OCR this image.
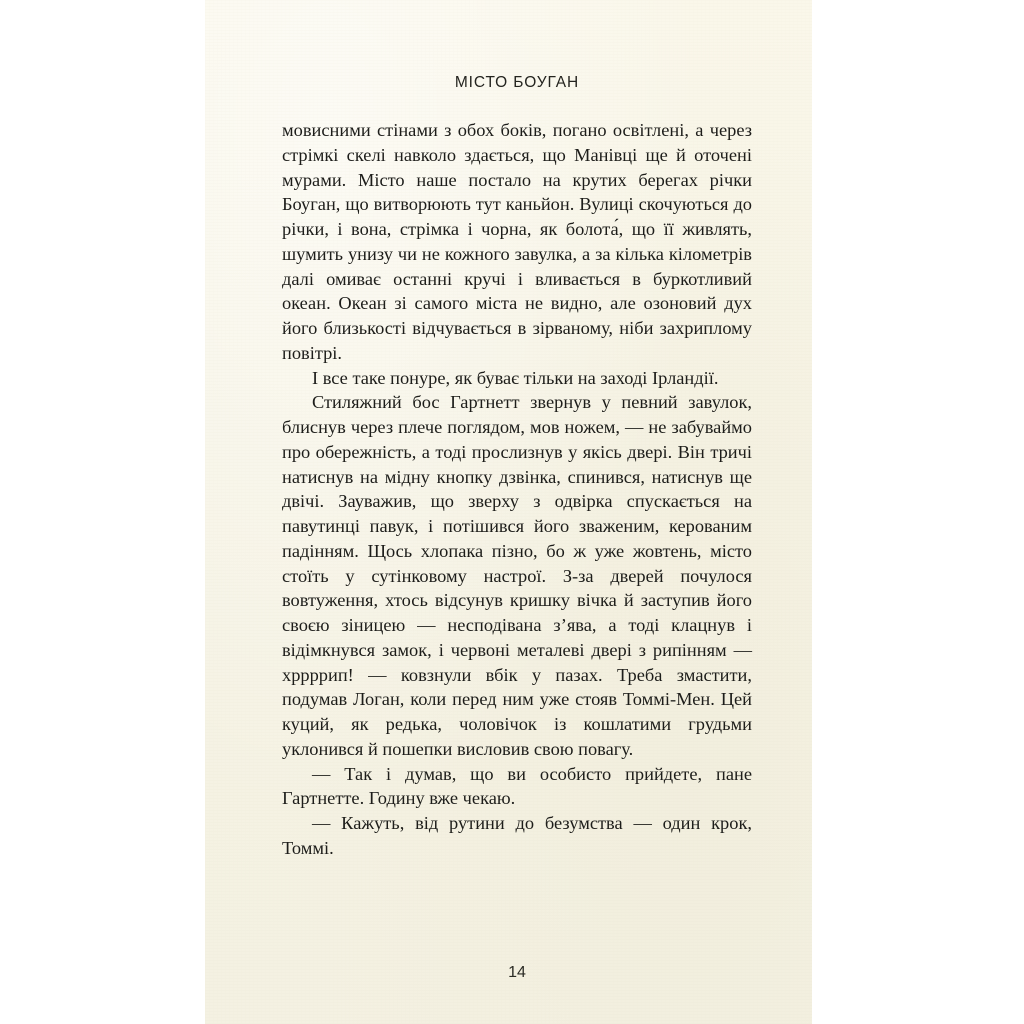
МІСТО БОУГАН

мовисними стінами з обох боків, погано освітлені, а через стрімкі скелі навколо здається, що Манівці ще й оточені мурами. Місто наше постало на крутих берегах річки Боуган, що витворюють тут каньйон. Вулиці скочуються до річки, і вона, стрімка і чорна, як болота́, що її живлять, шумить унизу чи не кожного завулка, а за кілька кілометрів далі омиває останні кручі і вливається в буркотливий океан. Океан зі самого міста не видно, але озоновий дух його близькості відчувається в зірваному, ніби захриплому повітрі.

І все таке понуре, як буває тільки на заході Ірландії.

Стиляжний бос Гартнетт звернув у певний завулок, блиснув через плече поглядом, мов ножем, — не забуваймо про обережність, а тоді прослизнув у якісь двері. Він тричі натиснув на мідну кнопку дзвінка, спинився, натиснув ще двічі. Зауважив, що зверху з одвірка спускається на павутинці павук, і потішився його зваженим, керованим падінням. Щось хлопака пізно, бо ж уже жовтень, місто стоїть у сутінковому настрої. З-за дверей почулося вовтуження, хтось відсунув кришку вічка й заступив його своєю зіницею — несподівана з’ява, а тоді клацнув і відімкнувся замок, і червоні металеві двері з рипінням — хррррип! — ковзнули вбік у пазах. Треба змастити, подумав Логан, коли перед ним уже стояв Томмі-Мен. Цей куций, як редька, чоловічок із кошлатими грудьми уклонився й пошепки висловив свою повагу.

— Так і думав, що ви особисто прийдете, пане Гартнетте. Годину вже чекаю.

— Кажуть, від рутини до безумства — один крок, Томмі.

14
